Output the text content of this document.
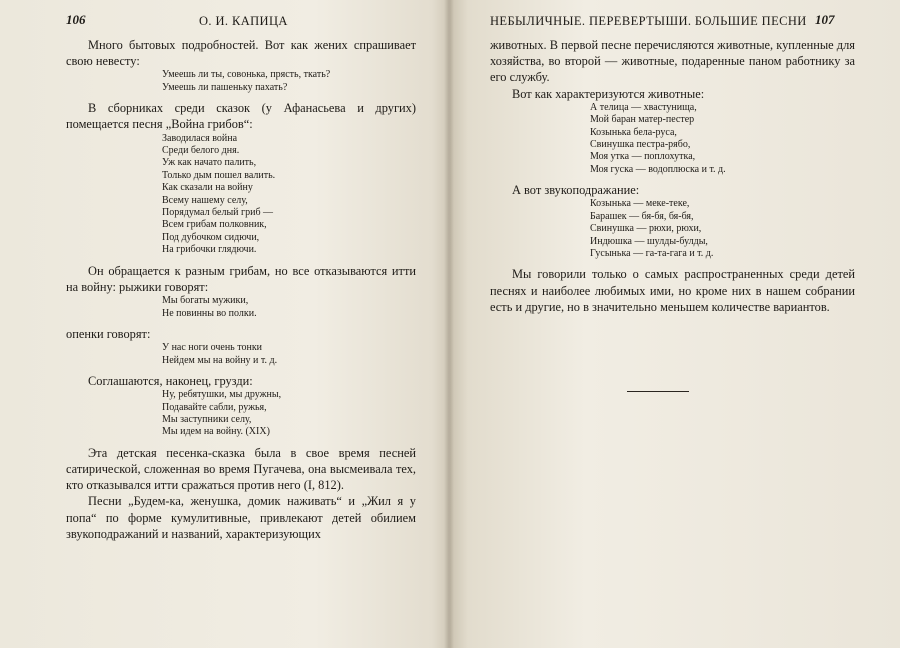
106	О. И. КАПИЦА

Много бытовых подробностей. Вот как жених спрашивает свою невесту:

Умеешь ли ты, совонька, прясть, ткать?
Умеешь ли пашеньку пахать?

В сборниках среди сказок (у Афанасьева и других) помещается песня „Война грибов“:

Заводилася война
Среди белого дня.
Уж как начато палить,
Только дым пошел валить.
Как сказали на войну
Всему нашему селу,
Порядумал белый гриб —
Всем грибам полковник,
Под дубочком сидючи,
На грибочки глядючи.

Он обращается к разным грибам, но все отказываются итти на войну: рыжики говорят:

Мы богаты мужики,
Не повинны во полки.

опенки говорят:

У нас ноги очень тонки
Нейдем мы на войну и т. д.

Соглашаются, наконец, грузди:

Ну, ребятушки, мы дружны,
Подавайте сабли, ружья,
Мы заступники селу,
Мы идем на войну. (XIX)

Эта детская песенка-сказка была в свое время песней сатирической, сложенная во время Пугачева, она высмеивала тех, кто отказывался итти сражаться против него (I, 812).

Песни „Будем-ка, женушка, домик наживать“ и „Жил я у попа“ по форме кумулитивные, привлекают детей обилием звукоподражаний и названий, характеризующих

НЕБЫЛИЧНЫЕ. ПЕРЕВЕРТЫШИ. БОЛЬШИЕ ПЕСНИ 107

животных. В первой песне перечисляются животные, купленные для хозяйства, во второй — животные, подаренные паном работнику за его службу.

Вот как характеризуются животные:

А телица — хвастунища,
Мой баран матер-пестер
Козынька бела-руса,
Свинушка пестра-рябо,
Моя утка — поплохутка,
Моя гуска — водоплюска и т. д.

А вот звукоподражание:

Козынька — меке-теке,
Барашек — бя-бя, бя-бя,
Свинушка — рюхи, рюхи,
Индюшка — шулды-булды,
Гусынька — га-та-гага и т. д.

Мы говорили только о самых распространенных среди детей песнях и наиболее любимых ими, но кроме них в нашем собрании есть и другие, но в значительно меньшем количестве вариантов.
